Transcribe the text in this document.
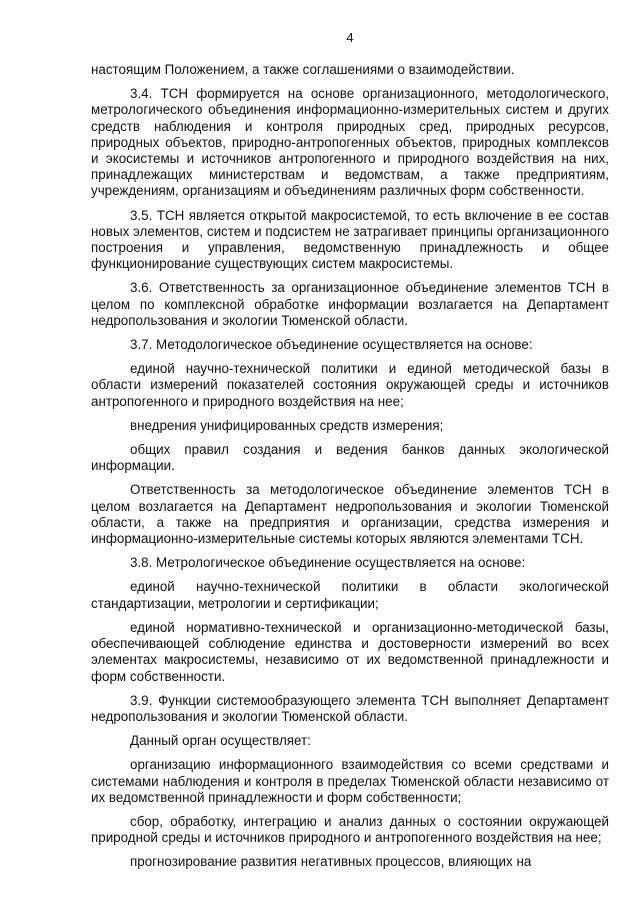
4

настоящим Положением, а также соглашениями о взаимодействии.

3.4. ТСН формируется на основе организационного, методологического, метрологического объединения информационно-измерительных систем и других средств наблюдения и контроля природных сред, природных ресурсов, природных объектов, природно-антропогенных объектов, природных комплексов и экосистемы и источников антропогенного и природного воздействия на них, принадлежащих министерствам и ведомствам, а также предприятиям, учреждениям, организациям и объединениям различных форм собственности.

3.5. ТСН является открытой макросистемой, то есть включение в ее состав новых элементов, систем и подсистем не затрагивает принципы организационного построения и управления, ведомственную принадлежность и общее функционирование существующих систем макросистемы.

3.6. Ответственность за организационное объединение элементов ТСН в целом по комплексной обработке информации возлагается на Департамент недропользования и экологии Тюменской области.

3.7. Методологическое объединение осуществляется на основе:

единой научно-технической политики и единой методической базы в области измерений показателей состояния окружающей среды и источников антропогенного и природного воздействия на нее;

внедрения унифицированных средств измерения;

общих правил создания и ведения банков данных экологической информации.

Ответственность за методологическое объединение элементов ТСН в целом возлагается на Департамент недропользования и экологии Тюменской области, а также на предприятия и организации, средства измерения и информационно-измерительные системы которых являются элементами ТСН.

3.8. Метрологическое объединение осуществляется на основе:

единой научно-технической политики в области экологической стандартизации, метрологии и сертификации;

единой нормативно-технической и организационно-методической базы, обеспечивающей соблюдение единства и достоверности измерений во всех элементах макросистемы, независимо от их ведомственной принадлежности и форм собственности.

3.9. Функции системообразующего элемента ТСН выполняет Департамент недропользования и экологии Тюменской области.

Данный орган осуществляет:

организацию информационного взаимодействия со всеми средствами и системами наблюдения и контроля в пределах Тюменской области независимо от их ведомственной принадлежности и форм собственности;

сбор, обработку, интеграцию и анализ данных о состоянии окружающей природной среды и источников природного и антропогенного воздействия на нее;

прогнозирование развития негативных процессов, влияющих на
